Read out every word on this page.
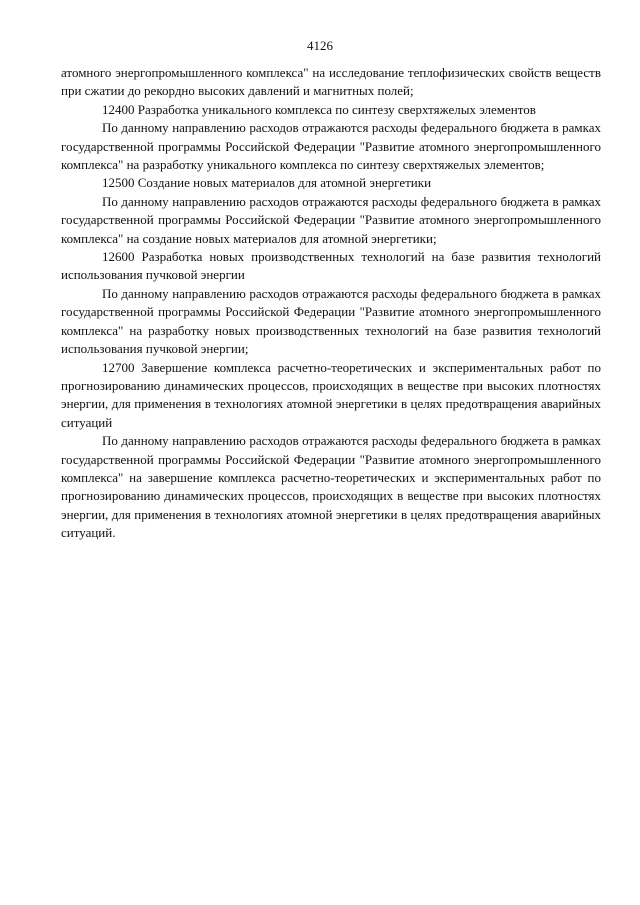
4126

атомного энергопромышленного комплекса" на исследование теплофизических свойств веществ при сжатии до рекордно высоких давлений и магнитных полей;

12400 Разработка уникального комплекса по синтезу сверхтяжелых элементов

По данному направлению расходов отражаются расходы федерального бюджета в рамках государственной программы Российской Федерации "Развитие атомного энергопромышленного комплекса" на разработку уникального комплекса по синтезу сверхтяжелых элементов;

12500 Создание новых материалов для атомной энергетики

По данному направлению расходов отражаются расходы федерального бюджета в рамках государственной программы Российской Федерации "Развитие атомного энергопромышленного комплекса" на создание новых материалов для атомной энергетики;

12600 Разработка новых производственных технологий на базе развития технологий использования пучковой энергии

По данному направлению расходов отражаются расходы федерального бюджета в рамках государственной программы Российской Федерации "Развитие атомного энергопромышленного комплекса" на разработку новых производственных технологий на базе развития технологий использования пучковой энергии;

12700 Завершение комплекса расчетно-теоретических и экспериментальных работ по прогнозированию динамических процессов, происходящих в веществе при высоких плотностях энергии, для применения в технологиях атомной энергетики в целях предотвращения аварийных ситуаций

По данному направлению расходов отражаются расходы федерального бюджета в рамках государственной программы Российской Федерации "Развитие атомного энергопромышленного комплекса" на завершение комплекса расчетно-теоретических и экспериментальных работ по прогнозированию динамических процессов, происходящих в веществе при высоких плотностях энергии, для применения в технологиях атомной энергетики в целях предотвращения аварийных ситуаций.
